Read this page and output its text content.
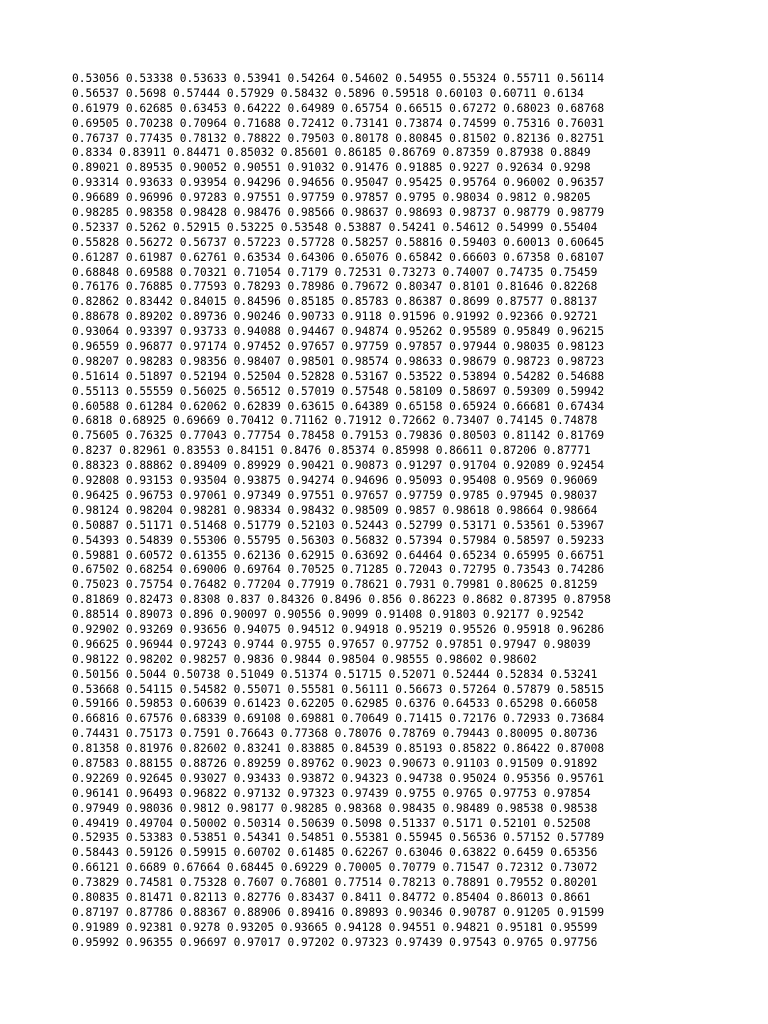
0.53056 0.53338 0.53633 0.53941 0.54264 0.54602 0.54955 0.55324 0.55711 0.56114
0.56537 0.5698 0.57444 0.57929 0.58432 0.5896 0.59518 0.60103 0.60711 0.6134
0.61979 0.62685 0.63453 0.64222 0.64989 0.65754 0.66515 0.67272 0.68023 0.68768
0.69505 0.70238 0.70964 0.71688 0.72412 0.73141 0.73874 0.74599 0.75316 0.76031
0.76737 0.77435 0.78132 0.78822 0.79503 0.80178 0.80845 0.81502 0.82136 0.82751
0.8334 0.83911 0.84471 0.85032 0.85601 0.86185 0.86769 0.87359 0.87938 0.8849
0.89021 0.89535 0.90052 0.90551 0.91032 0.91476 0.91885 0.9227 0.92634 0.9298
0.93314 0.93633 0.93954 0.94296 0.94656 0.95047 0.95425 0.95764 0.96002 0.96357
0.96689 0.96996 0.97283 0.97551 0.97759 0.97857 0.9795 0.98034 0.9812 0.98205
0.98285 0.98358 0.98428 0.98476 0.98566 0.98637 0.98693 0.98737 0.98779 0.98779
0.52337 0.5262 0.52915 0.53225 0.53548 0.53887 0.54241 0.54612 0.54999 0.55404
0.55828 0.56272 0.56737 0.57223 0.57728 0.58257 0.58816 0.59403 0.60013 0.60645
0.61287 0.61987 0.62761 0.63534 0.64306 0.65076 0.65842 0.66603 0.67358 0.68107
0.68848 0.69588 0.70321 0.71054 0.7179 0.72531 0.73273 0.74007 0.74735 0.75459
0.76176 0.76885 0.77593 0.78293 0.78986 0.79672 0.80347 0.8101 0.81646 0.82268
0.82862 0.83442 0.84015 0.84596 0.85185 0.85783 0.86387 0.8699 0.87577 0.88137
0.88678 0.89202 0.89736 0.90246 0.90733 0.9118 0.91596 0.91992 0.92366 0.92721
0.93064 0.93397 0.93733 0.94088 0.94467 0.94874 0.95262 0.95589 0.95849 0.96215
0.96559 0.96877 0.97174 0.97452 0.97657 0.97759 0.97857 0.97944 0.98035 0.98123
0.98207 0.98283 0.98356 0.98407 0.98501 0.98574 0.98633 0.98679 0.98723 0.98723
0.51614 0.51897 0.52194 0.52504 0.52828 0.53167 0.53522 0.53894 0.54282 0.54688
0.55113 0.55559 0.56025 0.56512 0.57019 0.57548 0.58109 0.58697 0.59309 0.59942
0.60588 0.61284 0.62062 0.62839 0.63615 0.64389 0.65158 0.65924 0.66681 0.67434
0.6818 0.68925 0.69669 0.70412 0.71162 0.71912 0.72662 0.73407 0.74145 0.74878
0.75605 0.76325 0.77043 0.77754 0.78458 0.79153 0.79836 0.80503 0.81142 0.81769
0.8237 0.82961 0.83553 0.84151 0.8476 0.85374 0.85998 0.86611 0.87206 0.87771
0.88323 0.88862 0.89409 0.89929 0.90421 0.90873 0.91297 0.91704 0.92089 0.92454
0.92808 0.93153 0.93504 0.93875 0.94274 0.94696 0.95093 0.95408 0.9569 0.96069
0.96425 0.96753 0.97061 0.97349 0.97551 0.97657 0.97759 0.9785 0.97945 0.98037
0.98124 0.98204 0.98281 0.98334 0.98432 0.98509 0.9857 0.98618 0.98664 0.98664
0.50887 0.51171 0.51468 0.51779 0.52103 0.52443 0.52799 0.53171 0.53561 0.53967
0.54393 0.54839 0.55306 0.55795 0.56303 0.56832 0.57394 0.57984 0.58597 0.59233
0.59881 0.60572 0.61355 0.62136 0.62915 0.63692 0.64464 0.65234 0.65995 0.66751
0.67502 0.68254 0.69006 0.69764 0.70525 0.71285 0.72043 0.72795 0.73543 0.74286
0.75023 0.75754 0.76482 0.77204 0.77919 0.78621 0.7931 0.79981 0.80625 0.81259
0.81869 0.82473 0.8308 0.837 0.84326 0.8496 0.856 0.86223 0.8682 0.87395 0.87958
0.88514 0.89073 0.896 0.90097 0.90556 0.9099 0.91408 0.91803 0.92177 0.92542
0.92902 0.93269 0.93656 0.94075 0.94512 0.94918 0.95219 0.95526 0.95918 0.96286
0.96625 0.96944 0.97243 0.9744 0.9755 0.97657 0.97752 0.97851 0.97947 0.98039
0.98122 0.98202 0.98257 0.9836 0.9844 0.98504 0.98555 0.98602 0.98602
0.50156 0.5044 0.50738 0.51049 0.51374 0.51715 0.52071 0.52444 0.52834 0.53241
0.53668 0.54115 0.54582 0.55071 0.55581 0.56111 0.56673 0.57264 0.57879 0.58515
0.59166 0.59853 0.60639 0.61423 0.62205 0.62985 0.6376 0.64533 0.65298 0.66058
0.66816 0.67576 0.68339 0.69108 0.69881 0.70649 0.71415 0.72176 0.72933 0.73684
0.74431 0.75173 0.7591 0.76643 0.77368 0.78076 0.78769 0.79443 0.80095 0.80736
0.81358 0.81976 0.82602 0.83241 0.83885 0.84539 0.85193 0.85822 0.86422 0.87008
0.87583 0.88155 0.88726 0.89259 0.89762 0.9023 0.90673 0.91103 0.91509 0.91892
0.92269 0.92645 0.93027 0.93433 0.93872 0.94323 0.94738 0.95024 0.95356 0.95761
0.96141 0.96493 0.96822 0.97132 0.97323 0.97439 0.9755 0.9765 0.97753 0.97854
0.97949 0.98036 0.9812 0.98177 0.98285 0.98368 0.98435 0.98489 0.98538 0.98538
0.49419 0.49704 0.50002 0.50314 0.50639 0.5098 0.51337 0.5171 0.52101 0.52508
0.52935 0.53383 0.53851 0.54341 0.54851 0.55381 0.55945 0.56536 0.57152 0.57789
0.58443 0.59126 0.59915 0.60702 0.61485 0.62267 0.63046 0.63822 0.6459 0.65356
0.66121 0.6689 0.67664 0.68445 0.69229 0.70005 0.70779 0.71547 0.72312 0.73072
0.73829 0.74581 0.75328 0.7607 0.76801 0.77514 0.78213 0.78891 0.79552 0.80201
0.80835 0.81471 0.82113 0.82776 0.83437 0.8411 0.84772 0.85404 0.86013 0.8661
0.87197 0.87786 0.88367 0.88906 0.89416 0.89893 0.90346 0.90787 0.91205 0.91599
0.91989 0.92381 0.9278 0.93205 0.93665 0.94128 0.94551 0.94821 0.95181 0.95599
0.95992 0.96355 0.96697 0.97017 0.97202 0.97323 0.97439 0.97543 0.9765 0.97756
